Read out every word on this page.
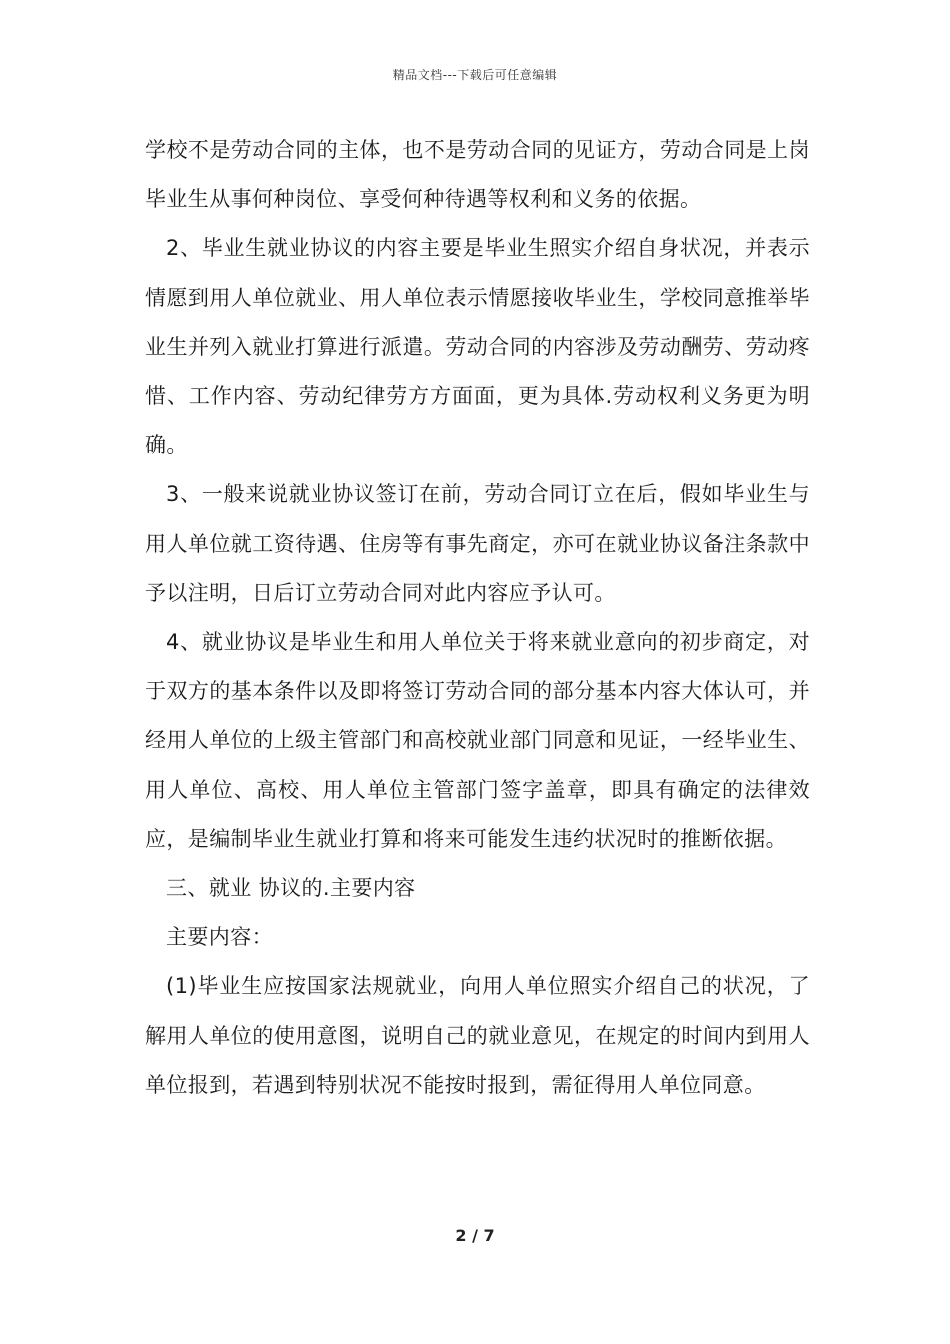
精品文档---下载后可任意编辑

学校不是劳动合同的主体，也不是劳动合同的见证方，劳动合同是上岗毕业生从事何种岗位、享受何种待遇等权利和义务的依据。

2、毕业生就业协议的内容主要是毕业生照实介绍自身状况，并表示情愿到用人单位就业、用人单位表示情愿接收毕业生，学校同意推举毕业生并列入就业打算进行派遣。劳动合同的内容涉及劳动酬劳、劳动疼惜、工作内容、劳动纪律劳方方面面，更为具体.劳动权利义务更为明确。

3、一般来说就业协议签订在前，劳动合同订立在后，假如毕业生与用人单位就工资待遇、住房等有事先商定，亦可在就业协议备注条款中予以注明，日后订立劳动合同对此内容应予认可。

4、就业协议是毕业生和用人单位关于将来就业意向的初步商定，对于双方的基本条件以及即将签订劳动合同的部分基本内容大体认可，并经用人单位的上级主管部门和高校就业部门同意和见证，一经毕业生、用人单位、高校、用人单位主管部门签字盖章，即具有确定的法律效应，是编制毕业生就业打算和将来可能发生违约状况时的推断依据。

三、就业 协议的.主要内容

主要内容：

(1)毕业生应按国家法规就业，向用人单位照实介绍自己的状况，了解用人单位的使用意图，说明自己的就业意见，在规定的时间内到用人单位报到，若遇到特别状况不能按时报到，需征得用人单位同意。

2 / 7
